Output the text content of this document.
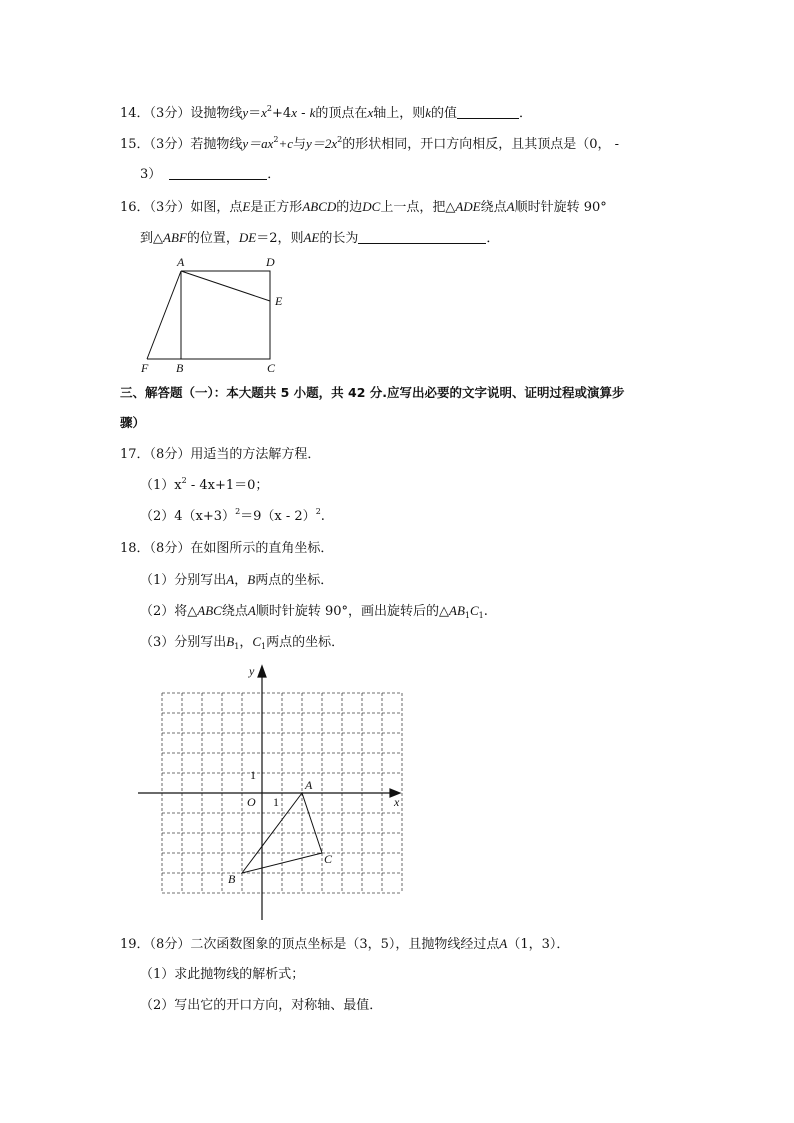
14．（3分）设抛物线$y=x^2+4x - k$的顶点在x轴上，则k的值	．
15．（3分）若抛物线$y=ax^2+c$与$y=2x^2$的形状相同，开口方向相反，且其顶点是（0， -
3）	．
16．（3分）如图，点E是正方形ABCD的边DC上一点，把△ADE绕点A顺时针旋转 90°
到△ABF的位置，DE＝2，则AE的长为	．
A	D
E
F B	C
三、解答题（一）：本大题共 5 小题，共 42 分.应写出必要的文字说明、证明过程或演算步
骤）
17．（8分）用适当的方法解方程．
$(1)x^2 - 4x+1=0$；
$(2)4(x+3)^2=9(x - 2)^2$.
18．（8分）在如图所示的直角坐标．
（1）分别写出A，B两点的坐标．
（2）将△ABC绕点A顺时针旋转 90°，画出旋转后的$\triangle AB_1C_1$.
（3）分别写出$B_1$，$C_1$两点的坐标．
y
x
O
1
1
A
B
C
19．（8分）二次函数图象的顶点坐标是（3，5），且抛物线经过点A（1，3）．
（1）求此抛物线的解析式；
（2）写出它的开口方向，对称轴、最值．
